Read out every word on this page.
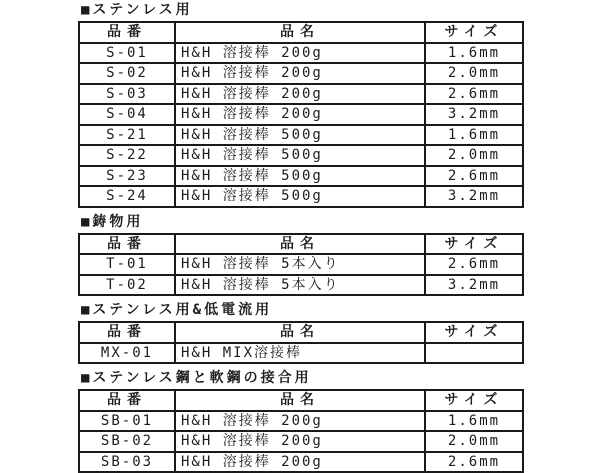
■ステンレス用
品番	品名	サイズ
S-01	H&H 溶接棒 200g	1.6mm
S-02	H&H 溶接棒 200g	2.0mm
S-03	H&H 溶接棒 200g	2.6mm
S-04	H&H 溶接棒 200g	3.2mm
S-21	H&H 溶接棒 500g	1.6mm
S-22	H&H 溶接棒 500g	2.0mm
S-23	H&H 溶接棒 500g	2.6mm
S-24	H&H 溶接棒 500g	3.2mm
■鋳物用
品番	品名	サイズ
T-01	H&H 溶接棒 5本入り	2.6mm
T-02	H&H 溶接棒 5本入り	3.2mm
■ステンレス用&低電流用
品番	品名	サイズ
MX-01	H&H MIX溶接棒	
■ステンレス鋼と軟鋼の接合用
品番	品名	サイズ
SB-01	H&H 溶接棒 200g	1.6mm
SB-02	H&H 溶接棒 200g	2.0mm
SB-03	H&H 溶接棒 200g	2.6mm
